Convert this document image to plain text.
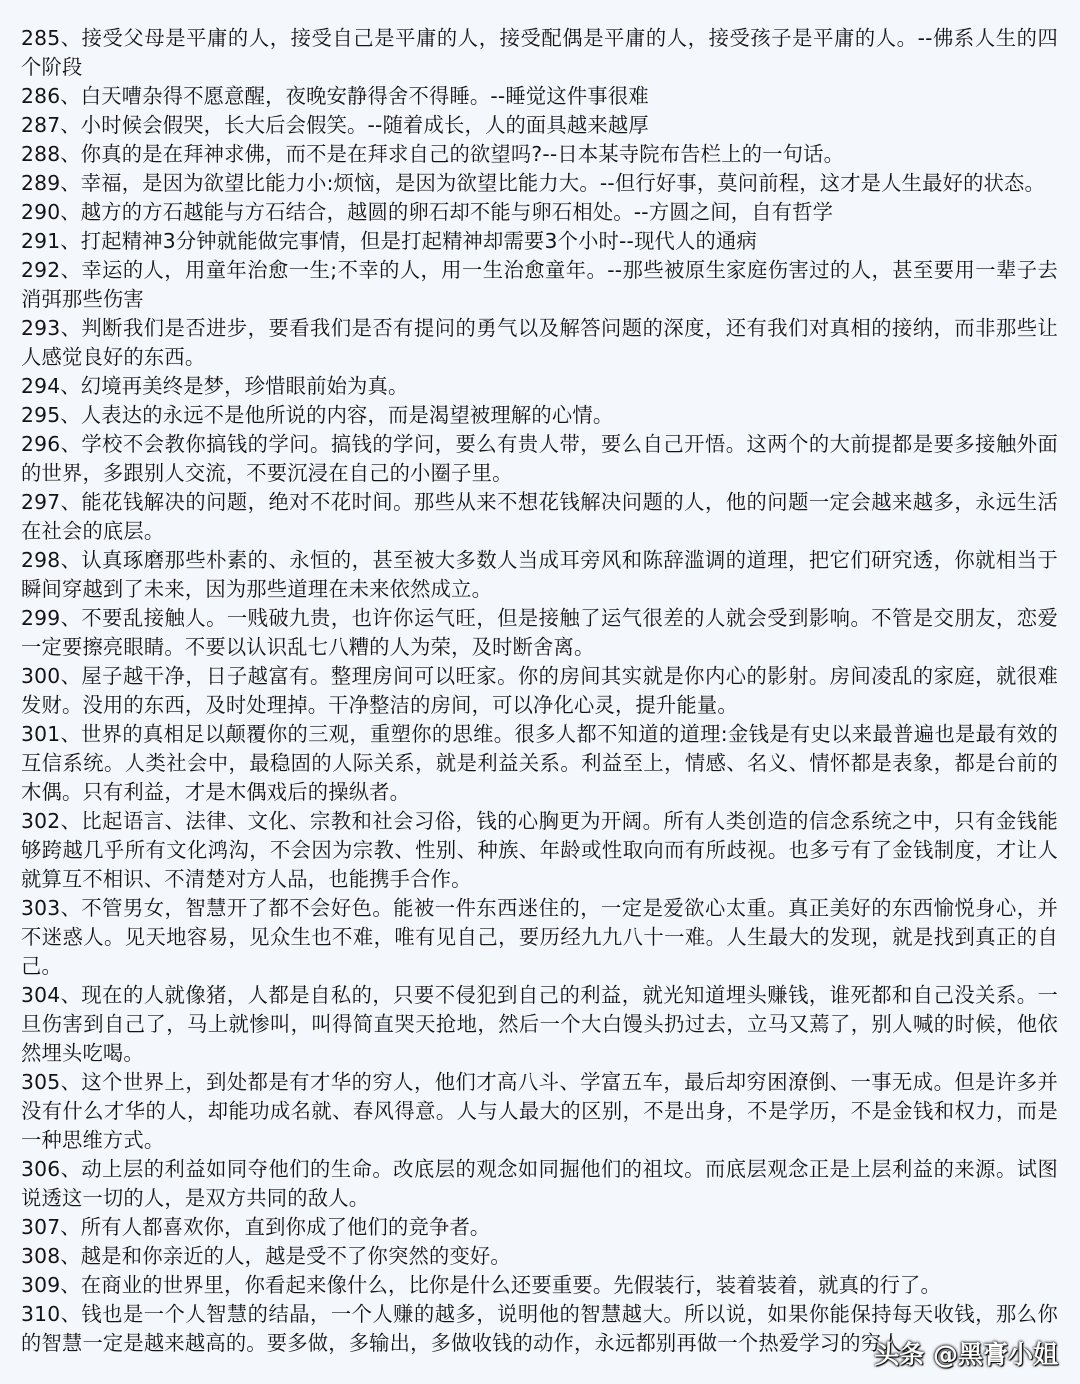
285、接受父母是平庸的人，接受自己是平庸的人，接受配偶是平庸的人，接受孩子是平庸的人。--佛系人生的四个阶段

286、白天嘈杂得不愿意醒，夜晚安静得舍不得睡。--睡觉这件事很难

287、小时候会假哭，长大后会假笑。--随着成长，人的面具越来越厚

288、你真的是在拜神求佛，而不是在拜求自己的欲望吗?--日本某寺院布告栏上的一句话。

289、幸福，是因为欲望比能力小:烦恼，是因为欲望比能力大。--但行好事，莫问前程，这才是人生最好的状态。

290、越方的方石越能与方石结合，越圆的卵石却不能与卵石相处。--方圆之间，自有哲学

291、打起精神3分钟就能做完事情，但是打起精神却需要3个小时--现代人的通病

292、幸运的人，用童年治愈一生;不幸的人，用一生治愈童年。--那些被原生家庭伤害过的人，甚至要用一辈子去消弭那些伤害

293、判断我们是否进步，要看我们是否有提问的勇气以及解答问题的深度，还有我们对真相的接纳，而非那些让人感觉良好的东西。

294、幻境再美终是梦，珍惜眼前始为真。

295、人表达的永远不是他所说的内容，而是渴望被理解的心情。

296、学校不会教你搞钱的学问。搞钱的学问，要么有贵人带，要么自己开悟。这两个的大前提都是要多接触外面的世界，多跟别人交流，不要沉浸在自己的小圈子里。

297、能花钱解决的问题，绝对不花时间。那些从来不想花钱解决问题的人，他的问题一定会越来越多，永远生活在社会的底层。

298、认真琢磨那些朴素的、永恒的，甚至被大多数人当成耳旁风和陈辞滥调的道理，把它们研究透，你就相当于瞬间穿越到了未来，因为那些道理在未来依然成立。

299、不要乱接触人。一贱破九贵，也许你运气旺，但是接触了运气很差的人就会受到影响。不管是交朋友，恋爱一定要擦亮眼睛。不要以认识乱七八糟的人为荣，及时断舍离。

300、屋子越干净，日子越富有。整理房间可以旺家。你的房间其实就是你内心的影射。房间凌乱的家庭，就很难发财。没用的东西，及时处理掉。干净整洁的房间，可以净化心灵，提升能量。

301、世界的真相足以颠覆你的三观，重塑你的思维。很多人都不知道的道理:金钱是有史以来最普遍也是最有效的互信系统。人类社会中，最稳固的人际关系，就是利益关系。利益至上，情感、名义、情怀都是表象，都是台前的木偶。只有利益，才是木偶戏后的操纵者。

302、比起语言、法律、文化、宗教和社会习俗，钱的心胸更为开阔。所有人类创造的信念系统之中，只有金钱能够跨越几乎所有文化鸿沟，不会因为宗教、性别、种族、年龄或性取向而有所歧视。也多亏有了金钱制度，才让人就算互不相识、不清楚对方人品，也能携手合作。

303、不管男女，智慧开了都不会好色。能被一件东西迷住的，一定是爱欲心太重。真正美好的东西愉悦身心，并不迷惑人。见天地容易，见众生也不难，唯有见自己，要历经九九八十一难。人生最大的发现，就是找到真正的自己。

304、现在的人就像猪，人都是自私的，只要不侵犯到自己的利益，就光知道埋头赚钱，谁死都和自己没关系。一旦伤害到自己了，马上就惨叫，叫得简直哭天抢地，然后一个大白馒头扔过去，立马又蔫了，别人喊的时候，他依然埋头吃喝。

305、这个世界上，到处都是有才华的穷人，他们才高八斗、学富五车，最后却穷困潦倒、一事无成。但是许多并没有什么才华的人，却能功成名就、春风得意。人与人最大的区别，不是出身，不是学历，不是金钱和权力，而是一种思维方式。

306、动上层的利益如同夺他们的生命。改底层的观念如同掘他们的祖坟。而底层观念正是上层利益的来源。试图说透这一切的人，是双方共同的敌人。

307、所有人都喜欢你，直到你成了他们的竞争者。

308、越是和你亲近的人，越是受不了你突然的变好。

309、在商业的世界里，你看起来像什么，比你是什么还要重要。先假装行，装着装着，就真的行了。

310、钱也是一个人智慧的结晶，一个人赚的越多，说明他的智慧越大。所以说，如果你能保持每天收钱，那么你的智慧一定是越来越高的。要多做，多输出，多做收钱的动作，永远都别再做一个热爱学习的穷人。

头条 @黑膏小姐
